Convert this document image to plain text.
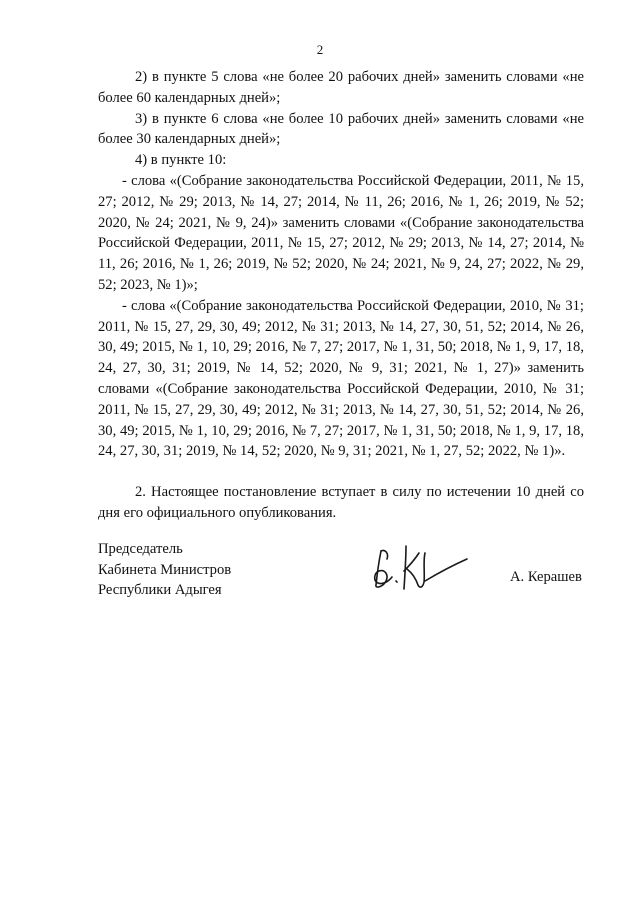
2

2) в пункте 5 слова «не более 20 рабочих дней» заменить словами «не более 60 календарных дней»;

3) в пункте 6 слова «не более 10 рабочих дней» заменить словами «не более 30 календарных дней»;

4) в пункте 10:

- слова «(Собрание законодательства Российской Федерации, 2011, № 15, 27; 2012, № 29; 2013, № 14, 27; 2014, № 11, 26; 2016, № 1, 26; 2019, № 52; 2020, № 24; 2021, № 9, 24)» заменить словами «(Собрание законодательства Российской Федерации, 2011, № 15, 27; 2012, № 29; 2013, № 14, 27; 2014, № 11, 26; 2016, № 1, 26; 2019, № 52; 2020, № 24; 2021, № 9, 24, 27; 2022, № 29, 52; 2023, № 1)»;

- слова «(Собрание законодательства Российской Федерации, 2010, № 31; 2011, № 15, 27, 29, 30, 49; 2012, № 31; 2013, № 14, 27, 30, 51, 52; 2014, № 26, 30, 49; 2015, № 1, 10, 29; 2016, № 7, 27; 2017, № 1, 31, 50; 2018, № 1, 9, 17, 18, 24, 27, 30, 31; 2019, № 14, 52; 2020, № 9, 31; 2021, № 1, 27)» заменить словами «(Собрание законодательства Российской Федерации, 2010, № 31; 2011, № 15, 27, 29, 30, 49; 2012, № 31; 2013, № 14, 27, 30, 51, 52; 2014, № 26, 30, 49; 2015, № 1, 10, 29; 2016, № 7, 27; 2017, № 1, 31, 50; 2018, № 1, 9, 17, 18, 24, 27, 30, 31; 2019, № 14, 52; 2020, № 9, 31; 2021, № 1, 27, 52; 2022, № 1)».

2. Настоящее постановление вступает в силу по истечении 10 дней со дня его официального опубликования.

Председатель
Кабинета Министров
Республики Адыгея
А. Керашев
